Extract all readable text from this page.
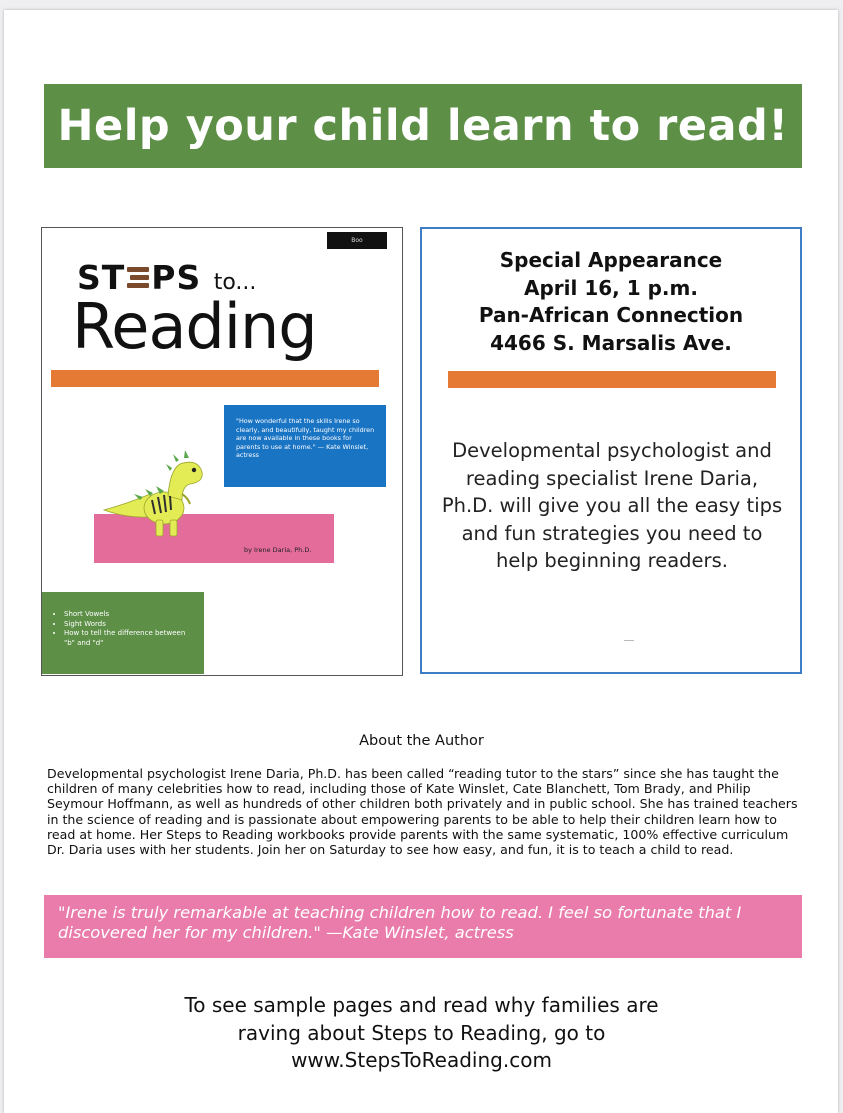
Help your child learn to read!
Boo
ST PS to...
Reading
"How wonderful that the skills Irene so clearly, and beautifully, taught my children are now available in these books for parents to use at home." — Kate Winslet, actress
by Irene Daria, Ph.D.
• Short Vowels
• Sight Words
• How to tell the difference between "b" and "d"
Special Appearance
April 16, 1 p.m.
Pan-African Connection
4466 S. Marsalis Ave.
Developmental psychologist and reading specialist Irene Daria, Ph.D. will give you all the easy tips and fun strategies you need to help beginning readers.
About the Author
Developmental psychologist Irene Daria, Ph.D. has been called “reading tutor to the stars” since she has taught the children of many celebrities how to read, including those of Kate Winslet, Cate Blanchett, Tom Brady, and Philip Seymour Hoffmann, as well as hundreds of other children both privately and in public school. She has trained teachers in the science of reading and is passionate about empowering parents to be able to help their children learn how to read at home. Her Steps to Reading workbooks provide parents with the same systematic, 100% effective curriculum Dr. Daria uses with her students. Join her on Saturday to see how easy, and fun, it is to teach a child to read.
"Irene is truly remarkable at teaching children how to read. I feel so fortunate that I discovered her for my children." —Kate Winslet, actress
To see sample pages and read why families are
raving about Steps to Reading, go to
www.StepsToReading.com
